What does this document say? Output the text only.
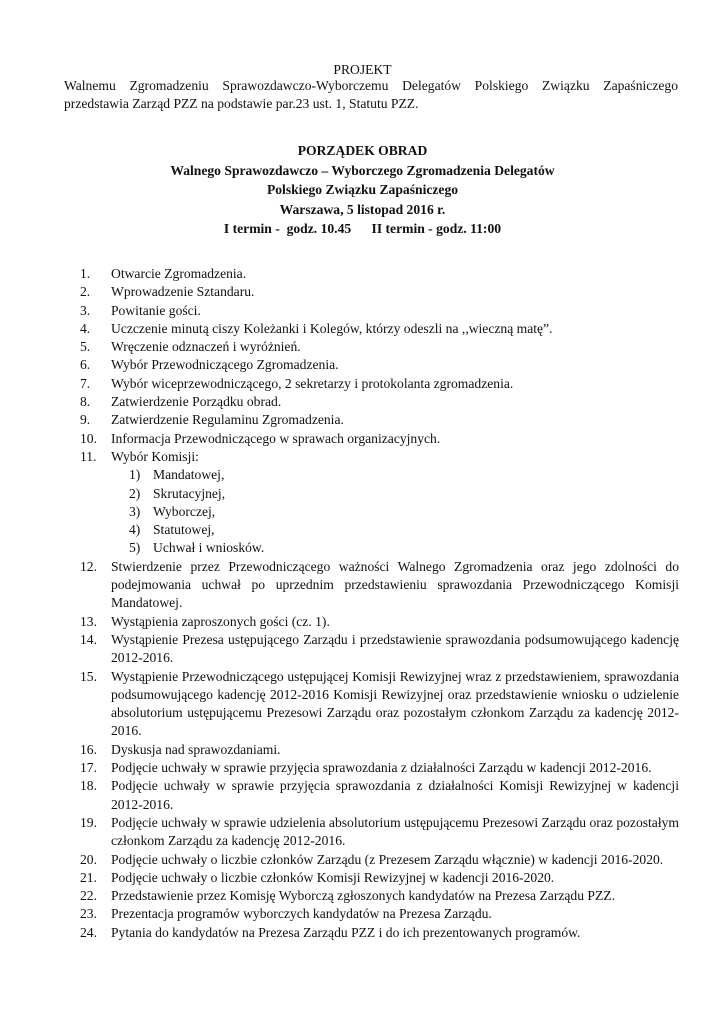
PROJEKT
Walnemu Zgromadzeniu Sprawozdawczo-Wyborczemu Delegatów Polskiego Związku Zapaśniczego przedstawia Zarząd PZZ na podstawie par.23 ust. 1, Statutu PZZ.
PORZĄDEK OBRAD
Walnego Sprawozdawczo – Wyborczego Zgromadzenia Delegatów
Polskiego Związku Zapaśniczego
Warszawa, 5 listopad 2016 r.
I termin -  godz. 10.45      II termin - godz. 11:00
1. Otwarcie Zgromadzenia.
2. Wprowadzenie Sztandaru.
3. Powitanie gości.
4. Uczczenie minutą ciszy Koleżanki i Kolegów, którzy odeszli na ,,wieczną matę”.
5. Wręczenie odznaczeń i wyróżnień.
6. Wybór Przewodniczącego Zgromadzenia.
7. Wybór wiceprzewodniczącego, 2 sekretarzy i protokolanta zgromadzenia.
8. Zatwierdzenie Porządku obrad.
9. Zatwierdzenie Regulaminu Zgromadzenia.
10. Informacja Przewodniczącego w sprawach organizacyjnych.
11. Wybór Komisji:
1) Mandatowej,
2) Skrutacyjnej,
3) Wyborczej,
4) Statutowej,
5) Uchwał i wniosków.
12. Stwierdzenie przez Przewodniczącego ważności Walnego Zgromadzenia oraz jego zdolności do podejmowania uchwał po uprzednim przedstawieniu sprawozdania Przewodniczącego Komisji Mandatowej.
13. Wystąpienia zaproszonych gości (cz. 1).
14. Wystąpienie Prezesa ustępującego Zarządu i przedstawienie sprawozdania podsumowującego kadencję 2012-2016.
15. Wystąpienie Przewodniczącego ustępującej Komisji Rewizyjnej wraz z przedstawieniem, sprawozdania podsumowującego kadencję 2012-2016 Komisji Rewizyjnej oraz przedstawienie wniosku o udzielenie absolutorium ustępującemu Prezesowi Zarządu oraz pozostałym członkom Zarządu za kadencję 2012-2016.
16. Dyskusja nad sprawozdaniami.
17. Podjęcie uchwały w sprawie przyjęcia sprawozdania z działalności Zarządu w kadencji 2012-2016.
18. Podjęcie uchwały w sprawie przyjęcia sprawozdania z działalności Komisji Rewizyjnej w kadencji 2012-2016.
19. Podjęcie uchwały w sprawie udzielenia absolutorium ustępującemu Prezesowi Zarządu oraz pozostałym członkom Zarządu za kadencję 2012-2016.
20. Podjęcie uchwały o liczbie członków Zarządu (z Prezesem Zarządu włącznie) w kadencji 2016-2020.
21. Podjęcie uchwały o liczbie członków Komisji Rewizyjnej w kadencji 2016-2020.
22. Przedstawienie przez Komisję Wyborczą zgłoszonych kandydatów na Prezesa Zarządu PZZ.
23. Prezentacja programów wyborczych kandydatów na Prezesa Zarządu.
24. Pytania do kandydatów na Prezesa Zarządu PZZ i do ich prezentowanych programów.
